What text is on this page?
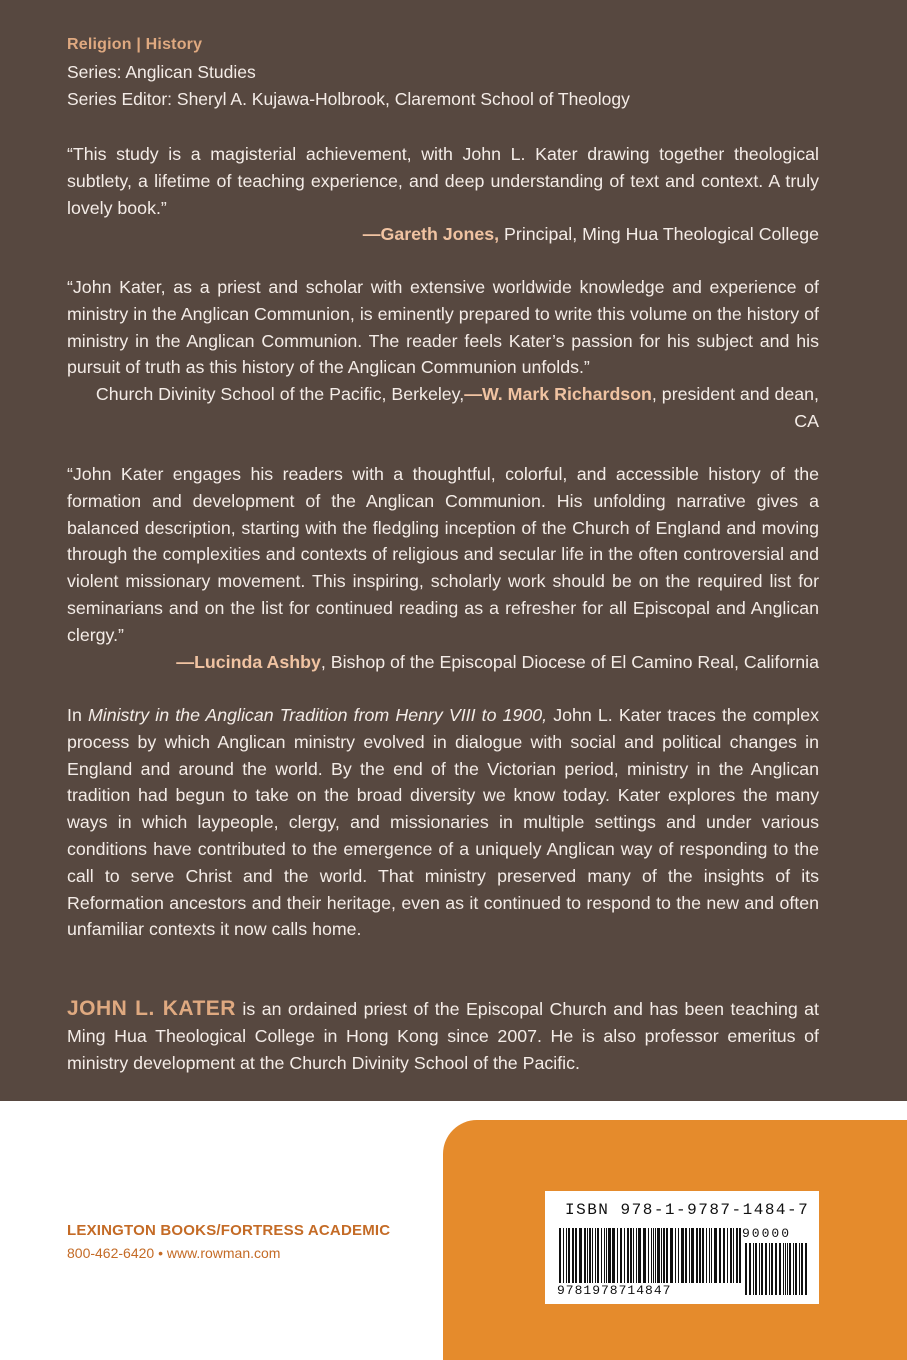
Religion | History
Series: Anglican Studies
Series Editor: Sheryl A. Kujawa-Holbrook, Claremont School of Theology
“This study is a magisterial achievement, with John L. Kater drawing together theological subtlety, a lifetime of teaching experience, and deep understanding of text and context. A truly lovely book.”
—Gareth Jones, Principal, Ming Hua Theological College
“John Kater, as a priest and scholar with extensive worldwide knowledge and experience of ministry in the Anglican Communion, is eminently prepared to write this volume on the history of ministry in the Anglican Communion. The reader feels Kater’s passion for his subject and his pursuit of truth as this history of the Anglican Communion unfolds.”
—W. Mark Richardson, president and dean,
Church Divinity School of the Pacific, Berkeley, CA
“John Kater engages his readers with a thoughtful, colorful, and accessible history of the formation and development of the Anglican Communion. His unfolding narrative gives a balanced description, starting with the fledgling inception of the Church of England and moving through the complexities and contexts of religious and secular life in the often controversial and violent missionary movement. This inspiring, scholarly work should be on the required list for seminarians and on the list for continued reading as a refresher for all Episcopal and Anglican clergy.”
—Lucinda Ashby, Bishop of the Episcopal Diocese of El Camino Real, California
In Ministry in the Anglican Tradition from Henry VIII to 1900, John L. Kater traces the complex process by which Anglican ministry evolved in dialogue with social and political changes in England and around the world. By the end of the Victorian period, ministry in the Anglican tradition had begun to take on the broad diversity we know today. Kater explores the many ways in which laypeople, clergy, and missionaries in multiple settings and under various conditions have contributed to the emergence of a uniquely Anglican way of responding to the call to serve Christ and the world. That ministry preserved many of the insights of its Reformation ancestors and their heritage, even as it continued to respond to the new and often unfamiliar contexts it now calls home.
JOHN L. KATER is an ordained priest of the Episcopal Church and has been teaching at Ming Hua Theological College in Hong Kong since 2007. He is also professor emeritus of ministry development at the Church Divinity School of the Pacific.
LEXINGTON BOOKS/FORTRESS ACADEMIC
800-462-6420 • www.rowman.com
ISBN 978-1-9787-1484-7
90000
9781978714847
